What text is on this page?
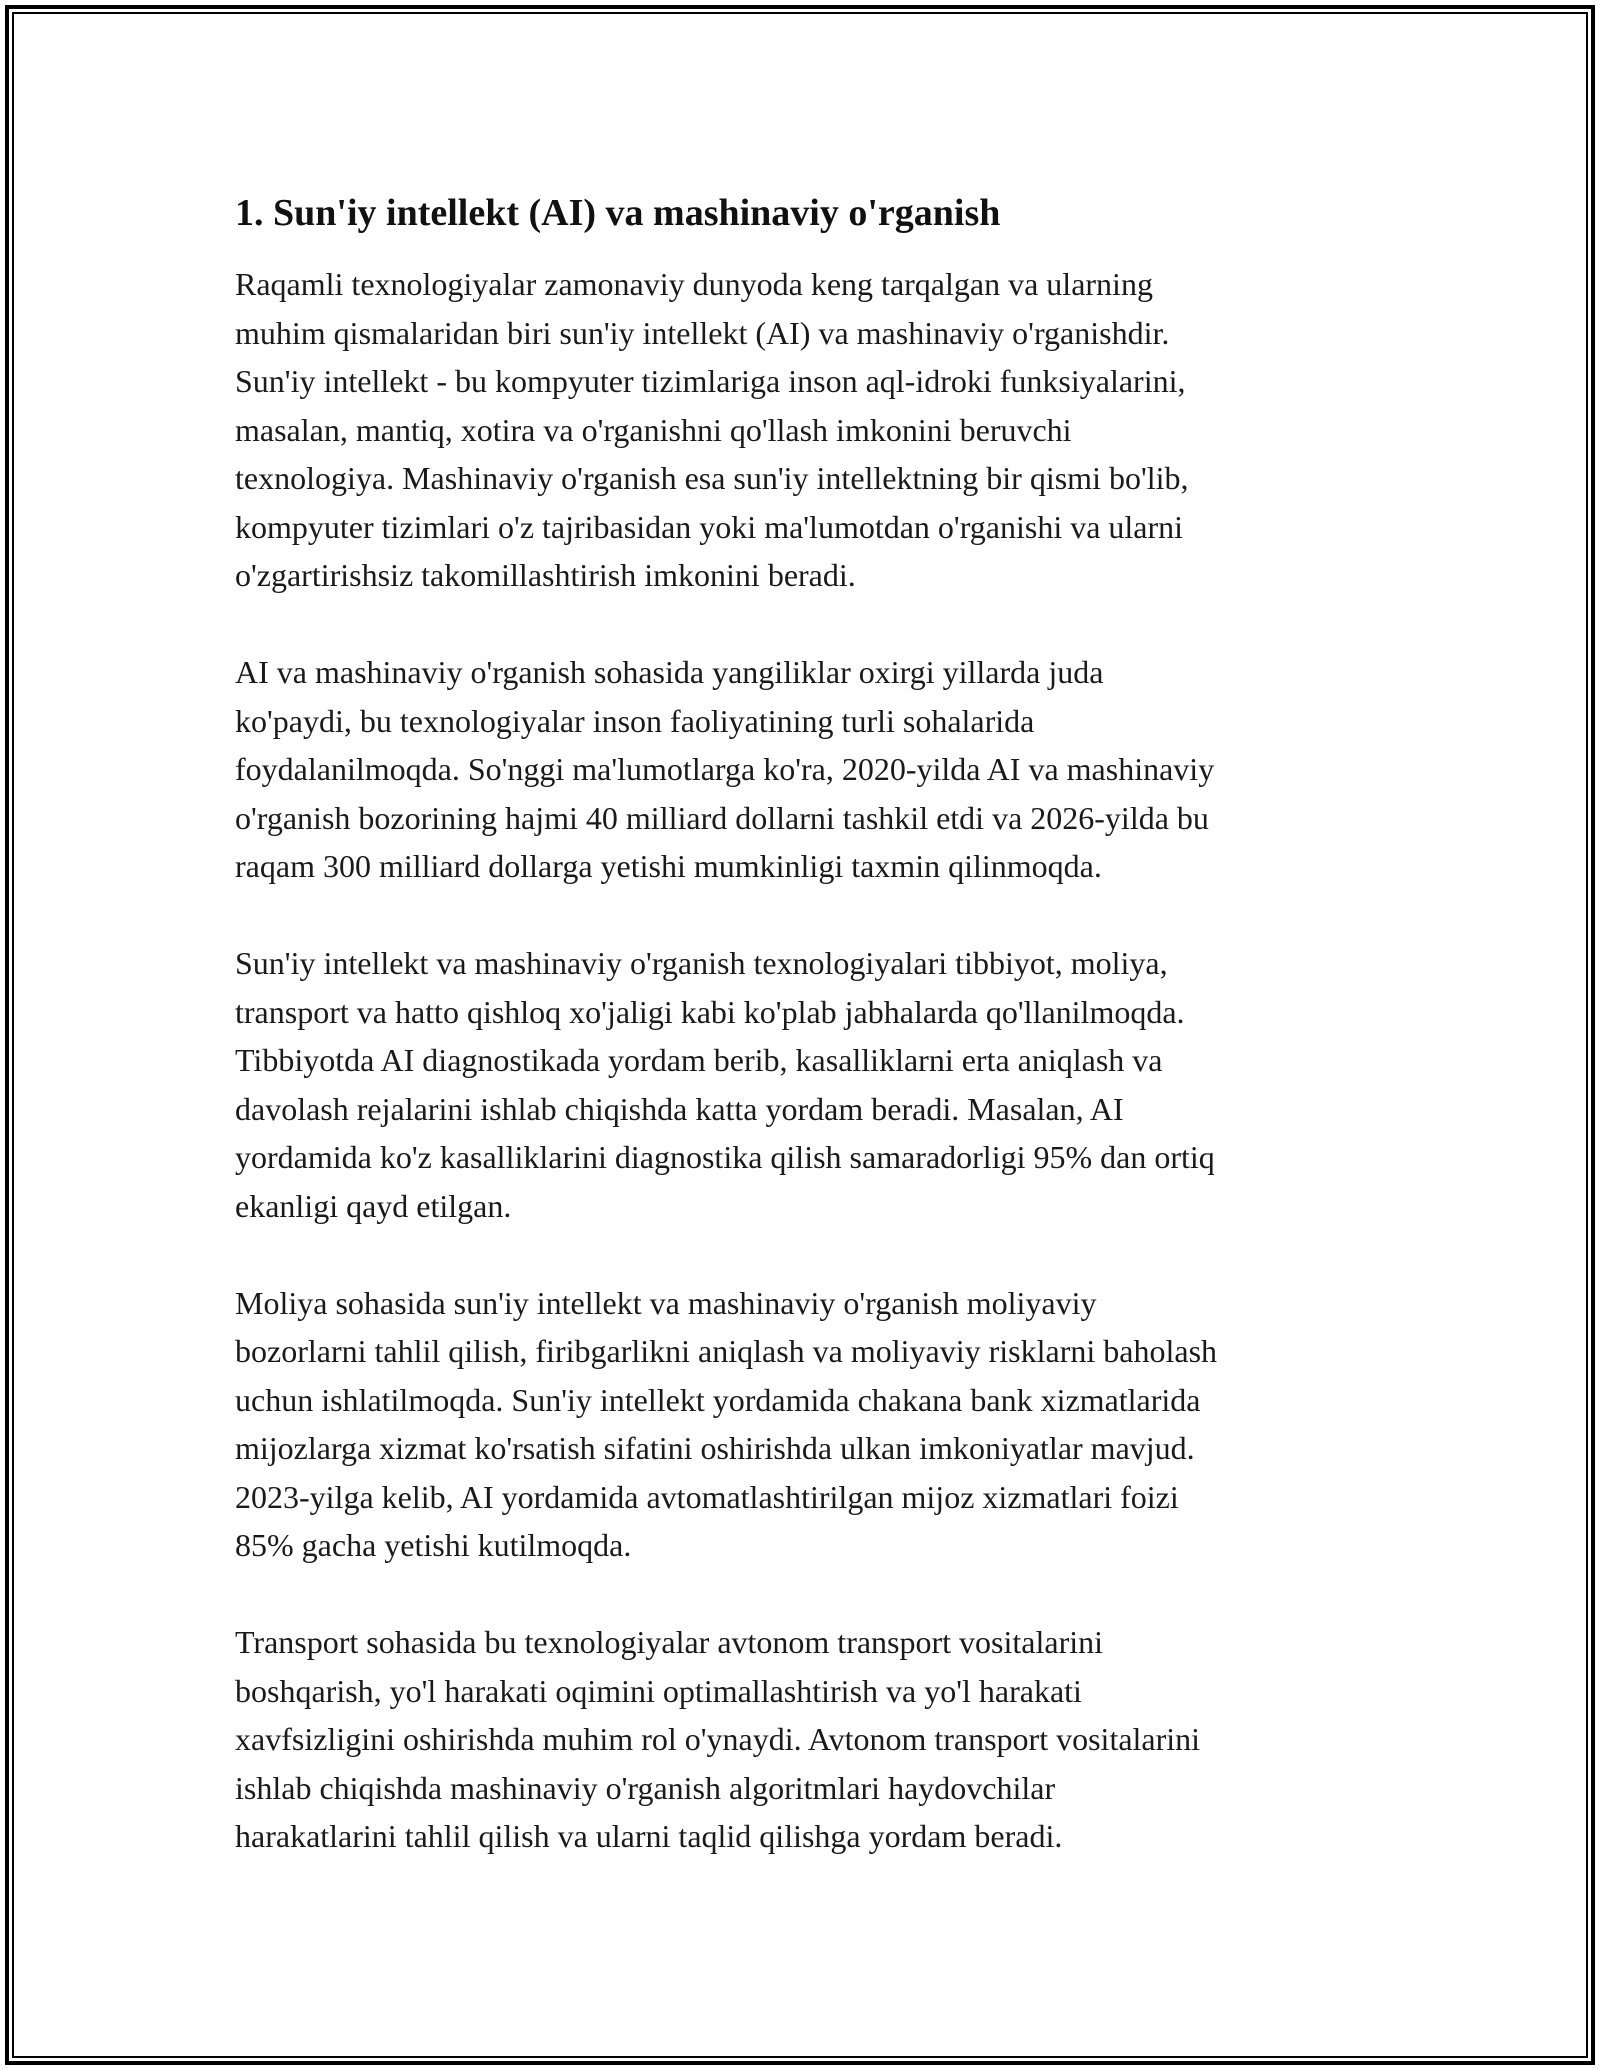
1. Sun'iy intellekt (AI) va mashinaviy o'rganish

Raqamli texnologiyalar zamonaviy dunyoda keng tarqalgan va ularning
muhim qismalaridan biri sun'iy intellekt (AI) va mashinaviy o'rganishdir.
Sun'iy intellekt - bu kompyuter tizimlariga inson aql-idroki funksiyalarini,
masalan, mantiq, xotira va o'rganishni qo'llash imkonini beruvchi
texnologiya. Mashinaviy o'rganish esa sun'iy intellektning bir qismi bo'lib,
kompyuter tizimlari o'z tajribasidan yoki ma'lumotdan o'rganishi va ularni
o'zgartirishsiz takomillashtirish imkonini beradi.

AI va mashinaviy o'rganish sohasida yangiliklar oxirgi yillarda juda
ko'paydi, bu texnologiyalar inson faoliyatining turli sohalarida
foydalanilmoqda. So'nggi ma'lumotlarga ko'ra, 2020-yilda AI va mashinaviy
o'rganish bozorining hajmi 40 milliard dollarni tashkil etdi va 2026-yilda bu
raqam 300 milliard dollarga yetishi mumkinligi taxmin qilinmoqda.

Sun'iy intellekt va mashinaviy o'rganish texnologiyalari tibbiyot, moliya,
transport va hatto qishloq xo'jaligi kabi ko'plab jabhalarda qo'llanilmoqda.
Tibbiyotda AI diagnostikada yordam berib, kasalliklarni erta aniqlash va
davolash rejalarini ishlab chiqishda katta yordam beradi. Masalan, AI
yordamida ko'z kasalliklarini diagnostika qilish samaradorligi 95% dan ortiq
ekanligi qayd etilgan.

Moliya sohasida sun'iy intellekt va mashinaviy o'rganish moliyaviy
bozorlarni tahlil qilish, firibgarlikni aniqlash va moliyaviy risklarni baholash
uchun ishlatilmoqda. Sun'iy intellekt yordamida chakana bank xizmatlarida
mijozlarga xizmat ko'rsatish sifatini oshirishda ulkan imkoniyatlar mavjud.
2023-yilga kelib, AI yordamida avtomatlashtirilgan mijoz xizmatlari foizi
85% gacha yetishi kutilmoqda.

Transport sohasida bu texnologiyalar avtonom transport vositalarini
boshqarish, yo'l harakati oqimini optimallashtirish va yo'l harakati
xavfsizligini oshirishda muhim rol o'ynaydi. Avtonom transport vositalarini
ishlab chiqishda mashinaviy o'rganish algoritmlari haydovchilar
harakatlarini tahlil qilish va ularni taqlid qilishga yordam beradi.
